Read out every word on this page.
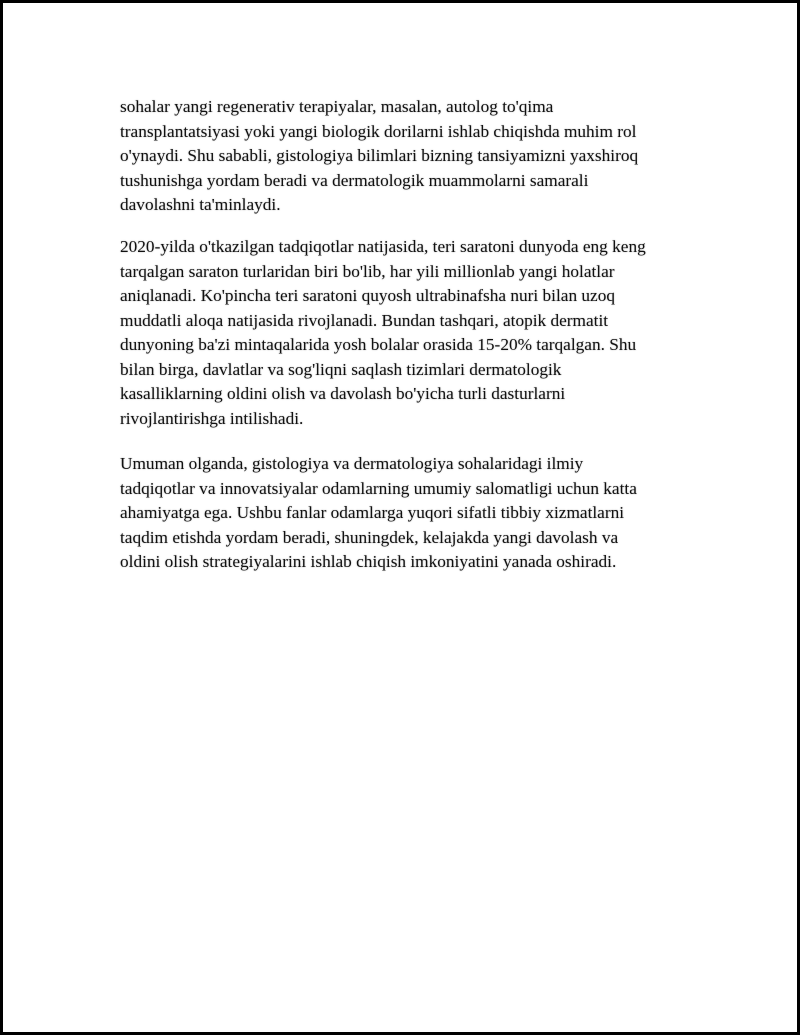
sohalar yangi regenerativ terapiyalar, masalan, autolog to'qima
transplantatsiyasi yoki yangi biologik dorilarni ishlab chiqishda muhim rol
o'ynaydi. Shu sababli, gistologiya bilimlari bizning tansiyamizni yaxshiroq
tushunishga yordam beradi va dermatologik muammolarni samarali
davolashni ta'minlaydi.

2020-yilda o'tkazilgan tadqiqotlar natijasida, teri saratoni dunyoda eng keng
tarqalgan saraton turlaridan biri bo'lib, har yili millionlab yangi holatlar
aniqlanadi. Ko'pincha teri saratoni quyosh ultrabinafsha nuri bilan uzoq
muddatli aloqa natijasida rivojlanadi. Bundan tashqari, atopik dermatit
dunyoning ba'zi mintaqalarida yosh bolalar orasida 15-20% tarqalgan. Shu
bilan birga, davlatlar va sog'liqni saqlash tizimlari dermatologik
kasalliklarning oldini olish va davolash bo'yicha turli dasturlarni
rivojlantirishga intilishadi.

Umuman olganda, gistologiya va dermatologiya sohalaridagi ilmiy
tadqiqotlar va innovatsiyalar odamlarning umumiy salomatligi uchun katta
ahamiyatga ega. Ushbu fanlar odamlarga yuqori sifatli tibbiy xizmatlarni
taqdim etishda yordam beradi, shuningdek, kelajakda yangi davolash va
oldini olish strategiyalarini ishlab chiqish imkoniyatini yanada oshiradi.
